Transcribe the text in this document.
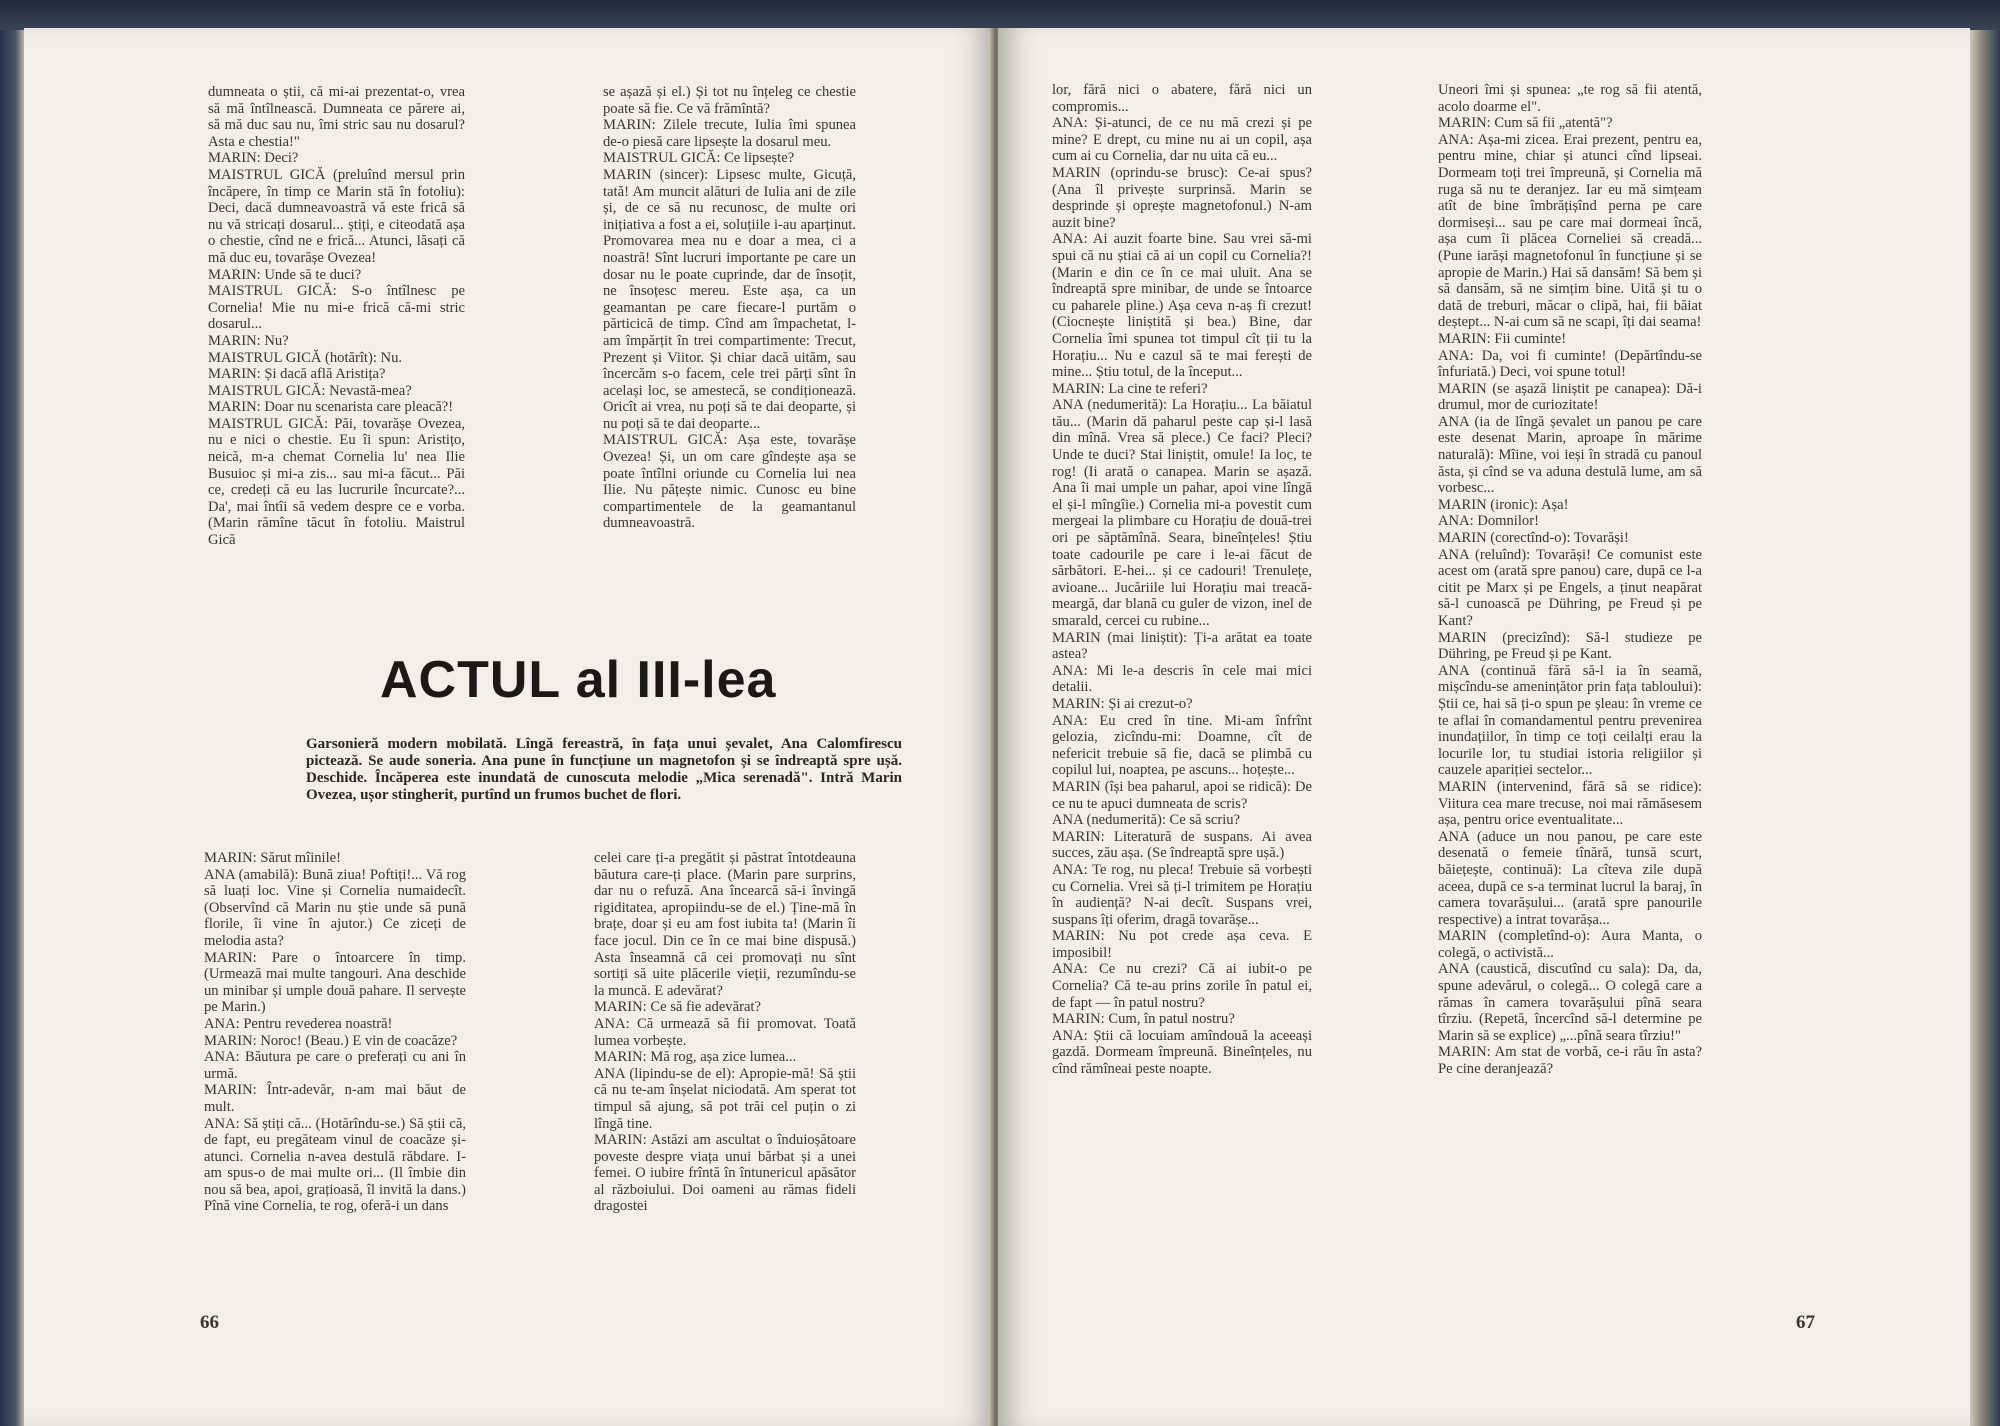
dumneata o știi, că mi-ai prezentat-o, vrea să mă întîlnească. Dumneata ce părere ai, să mă duc sau nu, îmi stric sau nu dosarul? Asta e chestia!"
MARIN: Deci?
MAISTRUL GICĂ (preluînd mersul prin încăpere, în timp ce Marin stă în fotoliu): Deci, dacă dumneavoastră vă este frică să nu vă stricați dosarul... știți, e citeodată așa o chestie, cînd ne e frică... Atunci, lăsați că mă duc eu, tovarășe Ovezea!
MARIN: Unde să te duci?
MAISTRUL GICĂ: S-o întîlnesc pe Cornelia! Mie nu mi-e frică că-mi stric dosarul...
MARIN: Nu?
MAISTRUL GICĂ (hotărît): Nu.
MARIN: Și dacă află Aristița?
MAISTRUL GICĂ: Nevastă-mea?
MARIN: Doar nu scenarista care pleacă?!
MAISTRUL GICĂ: Păi, tovarășe Ovezea, nu e nici o chestie. Eu îi spun: Aristițo, neică, m-a chemat Cornelia lu' nea Ilie Busuioc și mi-a zis... sau mi-a făcut... Păi ce, credeți că eu las lucrurile încurcate?... Da', mai întîi să vedem despre ce e vorba. (Marin rămîne tăcut în fotoliu. Maistrul Gică
se așază și el.) Și tot nu înțeleg ce chestie poate să fie. Ce vă frămîntă?
MARIN: Zilele trecute, Iulia îmi spunea de-o piesă care lipsește la dosarul meu.
MAISTRUL GICĂ: Ce lipsește?
MARIN (sincer): Lipsesc multe, Gicuță, tată! Am muncit alături de Iulia ani de zile și, de ce să nu recunosc, de multe ori inițiativa a fost a ei, soluțiile i-au aparținut. Promovarea mea nu e doar a mea, ci a noastră! Sînt lucruri importante pe care un dosar nu le poate cuprinde, dar de însoțit, ne însoțesc mereu. Este așa, ca un geamantan pe care fiecare-l purtăm o părticică de timp. Cînd am împachetat, l-am împărțit în trei compartimente: Trecut, Prezent și Viitor. Și chiar dacă uităm, sau încercăm s-o facem, cele trei părți sînt în același loc, se amestecă, se condiționează. Oricît ai vrea, nu poți să te dai deoparte, și nu poți să te dai deoparte...
MAISTRUL GICĂ: Așa este, tovarășe Ovezea! Și, un om care gîndește așa se poate întîlni oriunde cu Cornelia lui nea Ilie. Nu pățește nimic. Cunosc eu bine compartimentele de la geamantanul dumneavoastră.
ACTUL al III-lea
Garsonieră modern mobilată. Lîngă fereastră, în fața unui șevalet, Ana Calomfirescu pictează. Se aude soneria. Ana pune în funcțiune un magnetofon și se îndreaptă spre ușă. Deschide. Încăperea este inundată de cunoscuta melodie „Mica serenadă". Intră Marin Ovezea, ușor stingherit, purtînd un frumos buchet de flori.
MARIN: Sărut mîinile!
ANA (amabilă): Bună ziua! Poftiți!... Vă rog să luați loc. Vine și Cornelia numaidecît. (Observînd că Marin nu știe unde să pună florile, îi vine în ajutor.) Ce ziceți de melodia asta?
MARIN: Pare o întoarcere în timp. (Urmează mai multe tangouri. Ana deschide un minibar și umple două pahare. Il servește pe Marin.)
ANA: Pentru revederea noastră!
MARIN: Noroc! (Beau.) E vin de coacăze?
ANA: Băutura pe care o preferați cu ani în urmă.
MARIN: Într-adevăr, n-am mai băut de mult.
ANA: Să știți că... (Hotărîndu-se.) Să știi că, de fapt, eu pregăteam vinul de coacăze și-atunci. Cornelia n-avea destulă răbdare. I-am spus-o de mai multe ori... (Il îmbie din nou să bea, apoi, grațioasă, îl invită la dans.) Pînă vine Cornelia, te rog, oferă-i un dans
celei care ți-a pregătit și păstrat întotdeauna băutura care-ți place. (Marin pare surprins, dar nu o refuză. Ana încearcă să-i învingă rigiditatea, apropiindu-se de el.) Ține-mă în brațe, doar și eu am fost iubita ta! (Marin îi face jocul. Din ce în ce mai bine dispusă.) Asta înseamnă că cei promovați nu sînt sortiți să uite plăcerile vieții, rezumîndu-se la muncă. E adevărat?
MARIN: Ce să fie adevărat?
ANA: Că urmează să fii promovat. Toată lumea vorbește.
MARIN: Mă rog, așa zice lumea...
ANA (lipindu-se de el): Apropie-mă! Să știi că nu te-am înșelat niciodată. Am sperat tot timpul să ajung, să pot trăi cel puțin o zi lîngă tine.
MARIN: Astăzi am ascultat o înduioșătoare poveste despre viața unui bărbat și a unei femei. O iubire frîntă în întunericul apăsător al războiului. Doi oameni au rămas fideli dragostei
66
lor, fără nici o abatere, fără nici un compromis...
ANA: Și-atunci, de ce nu mă crezi și pe mine? E drept, cu mine nu ai un copil, așa cum ai cu Cornelia, dar nu uita că eu...
MARIN (oprindu-se brusc): Ce-ai spus? (Ana îl privește surprinsă. Marin se desprinde și oprește magnetofonul.) N-am auzit bine?
ANA: Ai auzit foarte bine. Sau vrei să-mi spui că nu știai că ai un copil cu Cornelia?! (Marin e din ce în ce mai uluit. Ana se îndreaptă spre minibar, de unde se întoarce cu paharele pline.) Așa ceva n-aș fi crezut! (Ciocnește liniștită și bea.) Bine, dar Cornelia îmi spunea tot timpul cît ții tu la Horațiu... Nu e cazul să te mai ferești de mine... Știu totul, de la început...
MARIN: La cine te referi?
ANA (nedumerită): La Horațiu... La băiatul tău... (Marin dă paharul peste cap și-l lasă din mînă. Vrea să plece.) Ce faci? Pleci? Unde te duci? Stai liniștit, omule! Ia loc, te rog! (Ii arată o canapea. Marin se așază. Ana îi mai umple un pahar, apoi vine lîngă el și-l mîngîie.) Cornelia mi-a povestit cum mergeai la plimbare cu Horațiu de două-trei ori pe săptămînă. Seara, bineînțeles! Știu toate cadourile pe care i le-ai făcut de sărbători. E-hei... și ce cadouri! Trenulețe, avioane... Jucăriile lui Horațiu mai treacă-meargă, dar blană cu guler de vizon, inel de smarald, cercei cu rubine...
MARIN (mai liniștit): Ți-a arătat ea toate astea?
ANA: Mi le-a descris în cele mai mici detalii.
MARIN: Și ai crezut-o?
ANA: Eu cred în tine. Mi-am înfrînt gelozia, zicîndu-mi: Doamne, cît de nefericit trebuie să fie, dacă se plimbă cu copilul lui, noaptea, pe ascuns... hoțește...
MARIN (își bea paharul, apoi se ridică): De ce nu te apuci dumneata de scris?
ANA (nedumerită): Ce să scriu?
MARIN: Literatură de suspans. Ai avea succes, zău așa. (Se îndreaptă spre ușă.)
ANA: Te rog, nu pleca! Trebuie să vorbești cu Cornelia. Vrei să ți-l trimitem pe Horațiu în audiență? N-ai decît. Suspans vrei, suspans îți oferim, dragă tovarășe...
MARIN: Nu pot crede așa ceva. E imposibil!
ANA: Ce nu crezi? Că ai iubit-o pe Cornelia? Că te-au prins zorile în patul ei, de fapt — în patul nostru?
MARIN: Cum, în patul nostru?
ANA: Știi că locuiam amîndouă la aceeași gazdă. Dormeam împreună. Bineînțeles, nu cînd rămîneai peste noapte.
Uneori îmi și spunea: „te rog să fii atentă, acolo doarme el".
MARIN: Cum să fii „atentă"?
ANA: Așa-mi zicea. Erai prezent, pentru ea, pentru mine, chiar și atunci cînd lipseai. Dormeam toți trei împreună, și Cornelia mă ruga să nu te deranjez. Iar eu mă simțeam atît de bine îmbrățișînd perna pe care dormiseși... sau pe care mai dormeai încă, așa cum îi plăcea Corneliei să creadă... (Pune iarăși magnetofonul în funcțiune și se apropie de Marin.) Hai să dansăm! Să bem și să dansăm, să ne simțim bine. Uită și tu o dată de treburi, măcar o clipă, hai, fii băiat deștept... N-ai cum să ne scapi, îți dai seama!
MARIN: Fii cuminte!
ANA: Da, voi fi cuminte! (Depărtîndu-se înfuriată.) Deci, voi spune totul!
MARIN (se așază liniștit pe canapea): Dă-i drumul, mor de curiozitate!
ANA (ia de lîngă șevalet un panou pe care este desenat Marin, aproape în mărime naturală): Mîine, voi ieși în stradă cu panoul ăsta, și cînd se va aduna destulă lume, am să vorbesc...
MARIN (ironic): Așa!
ANA: Domnilor!
MARIN (corectînd-o): Tovarăși!
ANA (reluînd): Tovarăși! Ce comunist este acest om (arată spre panou) care, după ce l-a citit pe Marx și pe Engels, a ținut neapărat să-l cunoască pe Dühring, pe Freud și pe Kant?
MARIN (precizînd): Să-l studieze pe Dühring, pe Freud și pe Kant.
ANA (continuă fără să-l ia în seamă, mișcîndu-se amenințător prin fața tabloului): Știi ce, hai să ți-o spun pe șleau: în vreme ce te aflai în comandamentul pentru prevenirea inundațiilor, în timp ce toți ceilalți erau la locurile lor, tu studiai istoria religiilor și cauzele apariției sectelor...
MARIN (intervenind, fără să se ridice): Viitura cea mare trecuse, noi mai rămăsesem așa, pentru orice eventualitate...
ANA (aduce un nou panou, pe care este desenată o femeie tînără, tunsă scurt, băiețește, continuă): La cîteva zile după aceea, după ce s-a terminat lucrul la baraj, în camera tovarășului... (arată spre panourile respective) a intrat tovarășa...
MARIN (completînd-o): Aura Manta, o colegă, o activistă...
ANA (caustică, discutînd cu sala): Da, da, spune adevărul, o colegă... O colegă care a rămas în camera tovarășului pînă seara tîrziu. (Repetă, încercînd să-l determine pe Marin să se explice) „...pînă seara tîrziu!"
MARIN: Am stat de vorbă, ce-i rău în asta? Pe cine deranjează?
67
